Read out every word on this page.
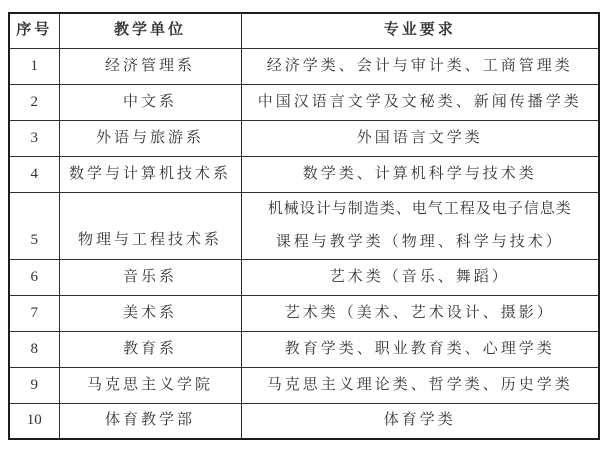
序号	教学单位	专业要求
1	经济管理系	经济学类、会计与审计类、工商管理类
2	中文系	中国汉语言文学及文秘类、新闻传播学类
3	外语与旅游系	外国语言文学类
4	数学与计算机技术系	数学类、计算机科学与技术类
5	物理与工程技术系	机械设计与制造类、电气工程及电子信息类
课程与教学类（物理、科学与技术）

6	音乐系	艺术类（音乐、舞蹈）
7	美术系	艺术类（美术、艺术设计、摄影）
8	教育系	教育学类、职业教育类、心理学类
9	马克思主义学院	马克思主义理论类、哲学类、历史学类
10	体育教学部	体育学类
